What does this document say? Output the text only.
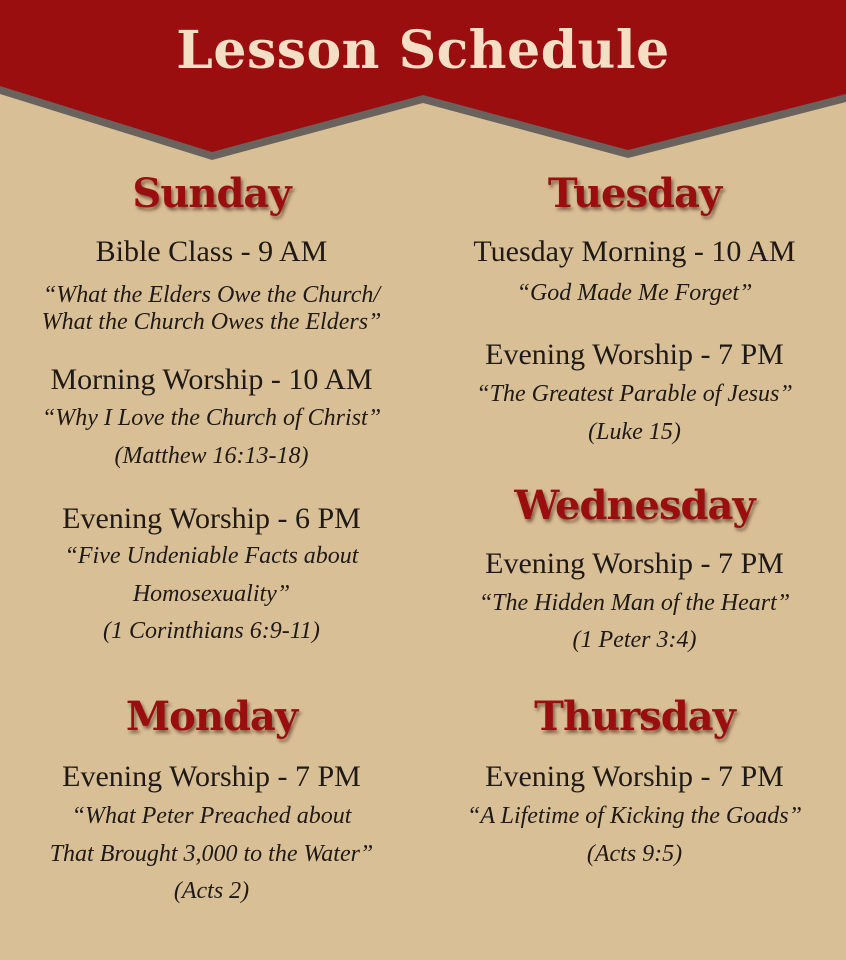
Lesson Schedule
Sunday
Bible Class - 9 AM
“What the Elders Owe the Church/
What the Church Owes the Elders”
Morning Worship - 10 AM
“Why I Love the Church of Christ”
(Matthew 16:13-18)
Evening Worship - 6 PM
“Five Undeniable Facts about
Homosexuality”
(1 Corinthians 6:9-11)
Monday
Evening Worship - 7 PM
“What Peter Preached about
That Brought 3,000 to the Water”
(Acts 2)
Tuesday
Tuesday Morning - 10 AM
“God Made Me Forget”
Evening Worship - 7 PM
“The Greatest Parable of Jesus”
(Luke 15)
Wednesday
Evening Worship - 7 PM
“The Hidden Man of the Heart”
(1 Peter 3:4)
Thursday
Evening Worship - 7 PM
“A Lifetime of Kicking the Goads”
(Acts 9:5)
